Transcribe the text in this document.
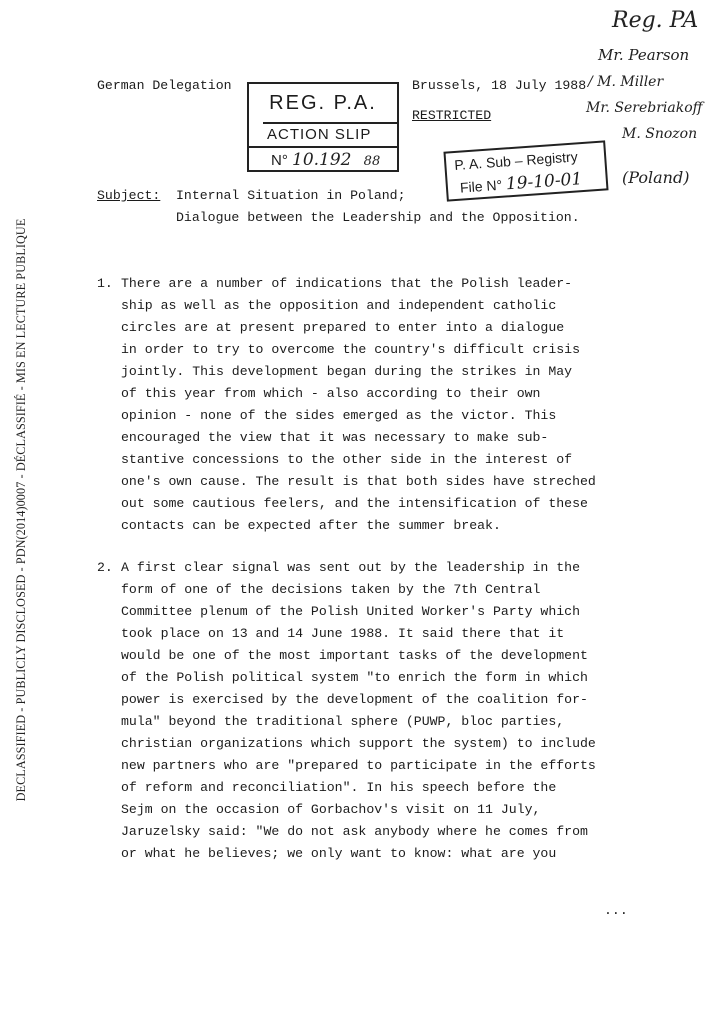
DECLASSIFIED - PUBLICLY DISCLOSED - PDN(2014)0007 - DÉCLASSIFIÉ - MIS EN LECTURE PUBLIQUE
Reg. PA
Mr. Pearson
/ M. Miller
Mr. Serebriakoff
M. Snozon
(Poland)
German Delegation	Brussels, 18 July 1988
RESTRICTED
REG. P.A.
ACTION SLIP
N° 10.192 88	P. A. Sub – Registry
File N° 19-10-01
Subject: Internal Situation in Poland;
Dialogue between the Leadership and the Opposition.
1. There are a number of indications that the Polish leader-
ship as well as the opposition and independent catholic
circles are at present prepared to enter into a dialogue
in order to try to overcome the country's difficult crisis
jointly. This development began during the strikes in May
of this year from which - also according to their own
opinion - none of the sides emerged as the victor. This
encouraged the view that it was necessary to make sub-
stantive concessions to the other side in the interest of
one's own cause. The result is that both sides have streched
out some cautious feelers, and the intensification of these
contacts can be expected after the summer break.
2. A first clear signal was sent out by the leadership in the
form of one of the decisions taken by the 7th Central
Committee plenum of the Polish United Worker's Party which
took place on 13 and 14 June 1988. It said there that it
would be one of the most important tasks of the development
of the Polish political system "to enrich the form in which
power is exercised by the development of the coalition for-
mula" beyond the traditional sphere (PUWP, bloc parties,
christian organizations which support the system) to include
new partners who are "prepared to participate in the efforts
of reform and reconciliation". In his speech before the
Sejm on the occasion of Gorbachov's visit on 11 July,
Jaruzelsky said: "We do not ask anybody where he comes from
or what he believes; we only want to know: what are you
...
